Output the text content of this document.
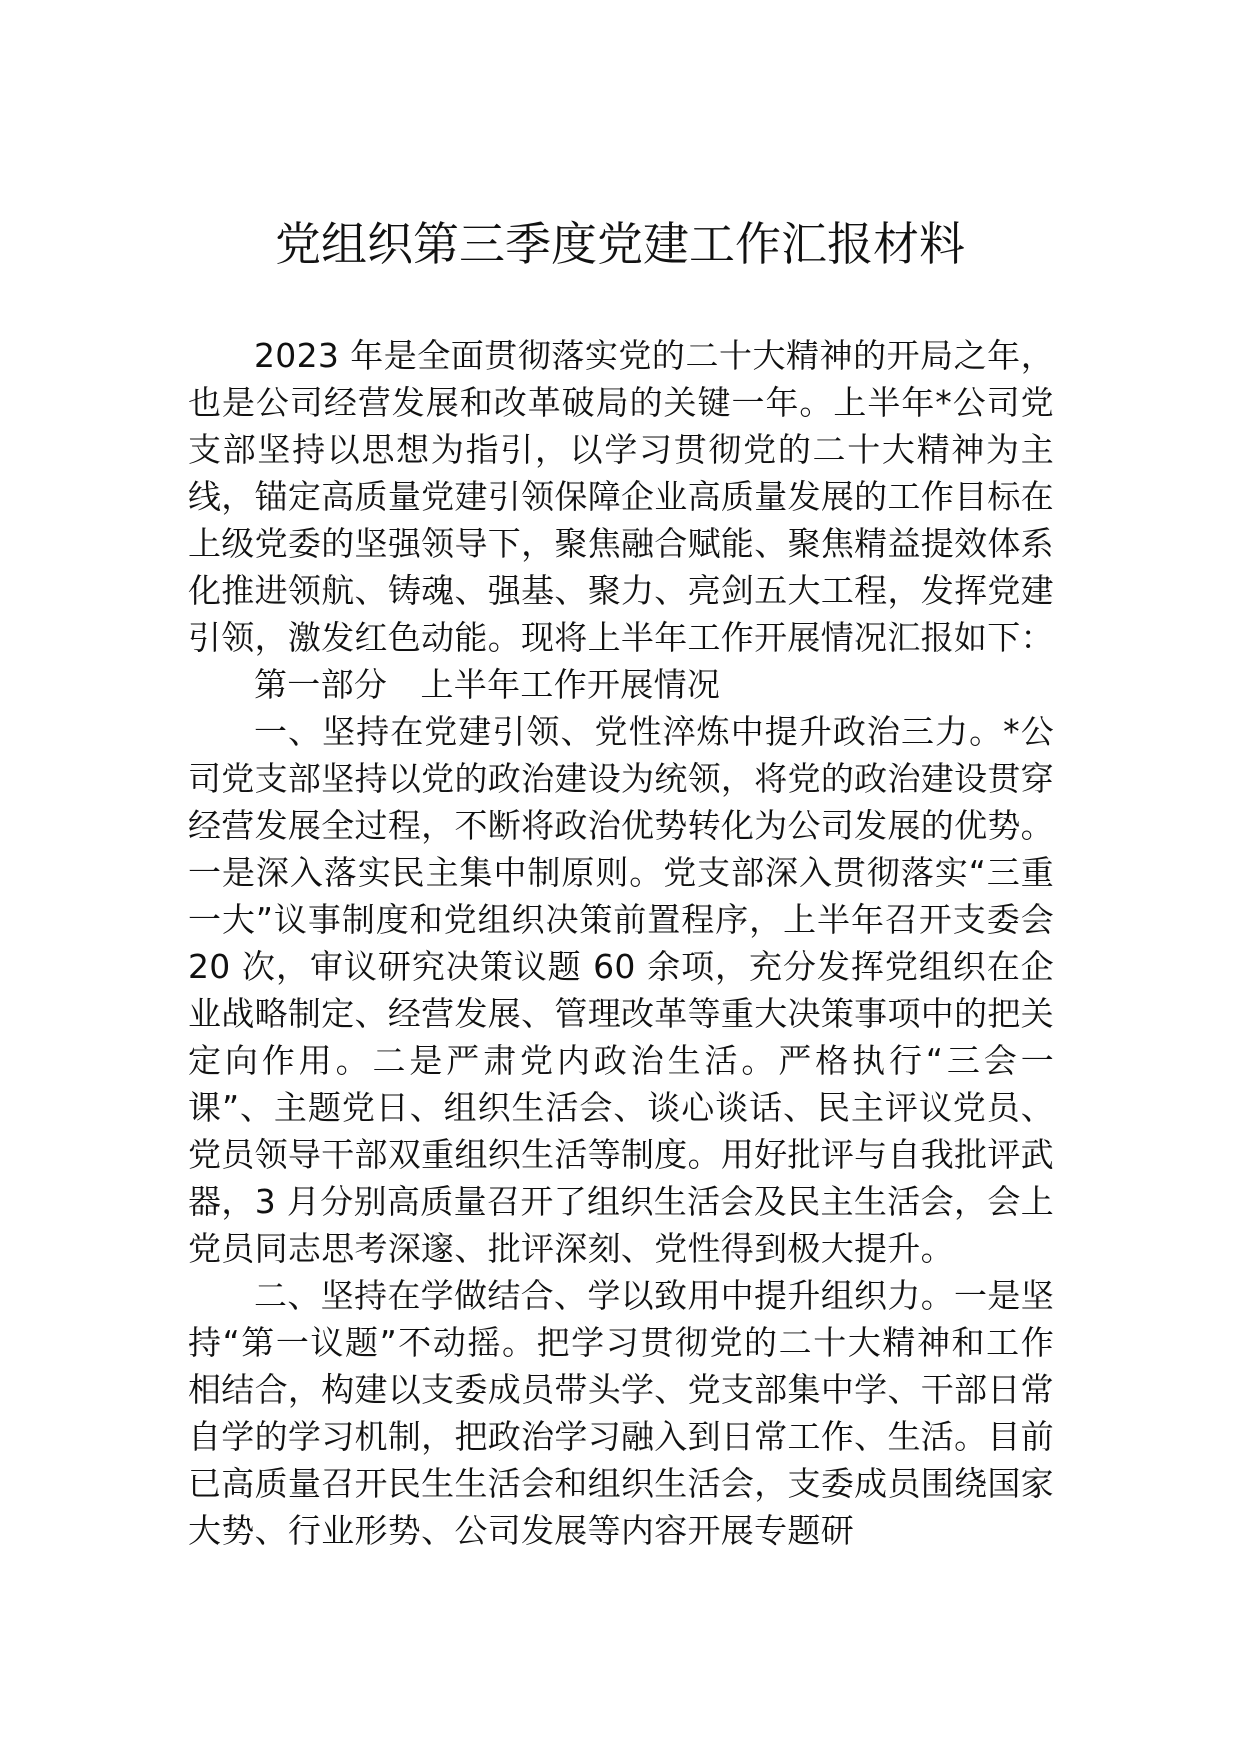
党组织第三季度党建工作汇报材料

2023 年是全面贯彻落实党的二十大精神的开局之年，也是公司经营发展和改革破局的关键一年。上半年*公司党支部坚持以思想为指引，以学习贯彻党的二十大精神为主线，锚定高质量党建引领保障企业高质量发展的工作目标在上级党委的坚强领导下，聚焦融合赋能、聚焦精益提效体系化推进领航、铸魂、强基、聚力、亮剑五大工程，发挥党建引领，激发红色动能。现将上半年工作开展情况汇报如下：

第一部分　上半年工作开展情况

一、坚持在党建引领、党性淬炼中提升政治三力。*公司党支部坚持以党的政治建设为统领，将党的政治建设贯穿经营发展全过程，不断将政治优势转化为公司发展的优势。一是深入落实民主集中制原则。党支部深入贯彻落实“三重一大”议事制度和党组织决策前置程序，上半年召开支委会 20 次，审议研究决策议题 60 余项，充分发挥党组织在企业战略制定、经营发展、管理改革等重大决策事项中的把关定向作用。二是严肃党内政治生活。严格执行“三会一课”、主题党日、组织生活会、谈心谈话、民主评议党员、党员领导干部双重组织生活等制度。用好批评与自我批评武器，3 月分别高质量召开了组织生活会及民主生活会，会上党员同志思考深邃、批评深刻、党性得到极大提升。

二、坚持在学做结合、学以致用中提升组织力。一是坚持“第一议题”不动摇。把学习贯彻党的二十大精神和工作相结合，构建以支委成员带头学、党支部集中学、干部日常自学的学习机制，把政治学习融入到日常工作、生活。目前已高质量召开民生生活会和组织生活会，支委成员围绕国家大势、行业形势、公司发展等内容开展专题研
